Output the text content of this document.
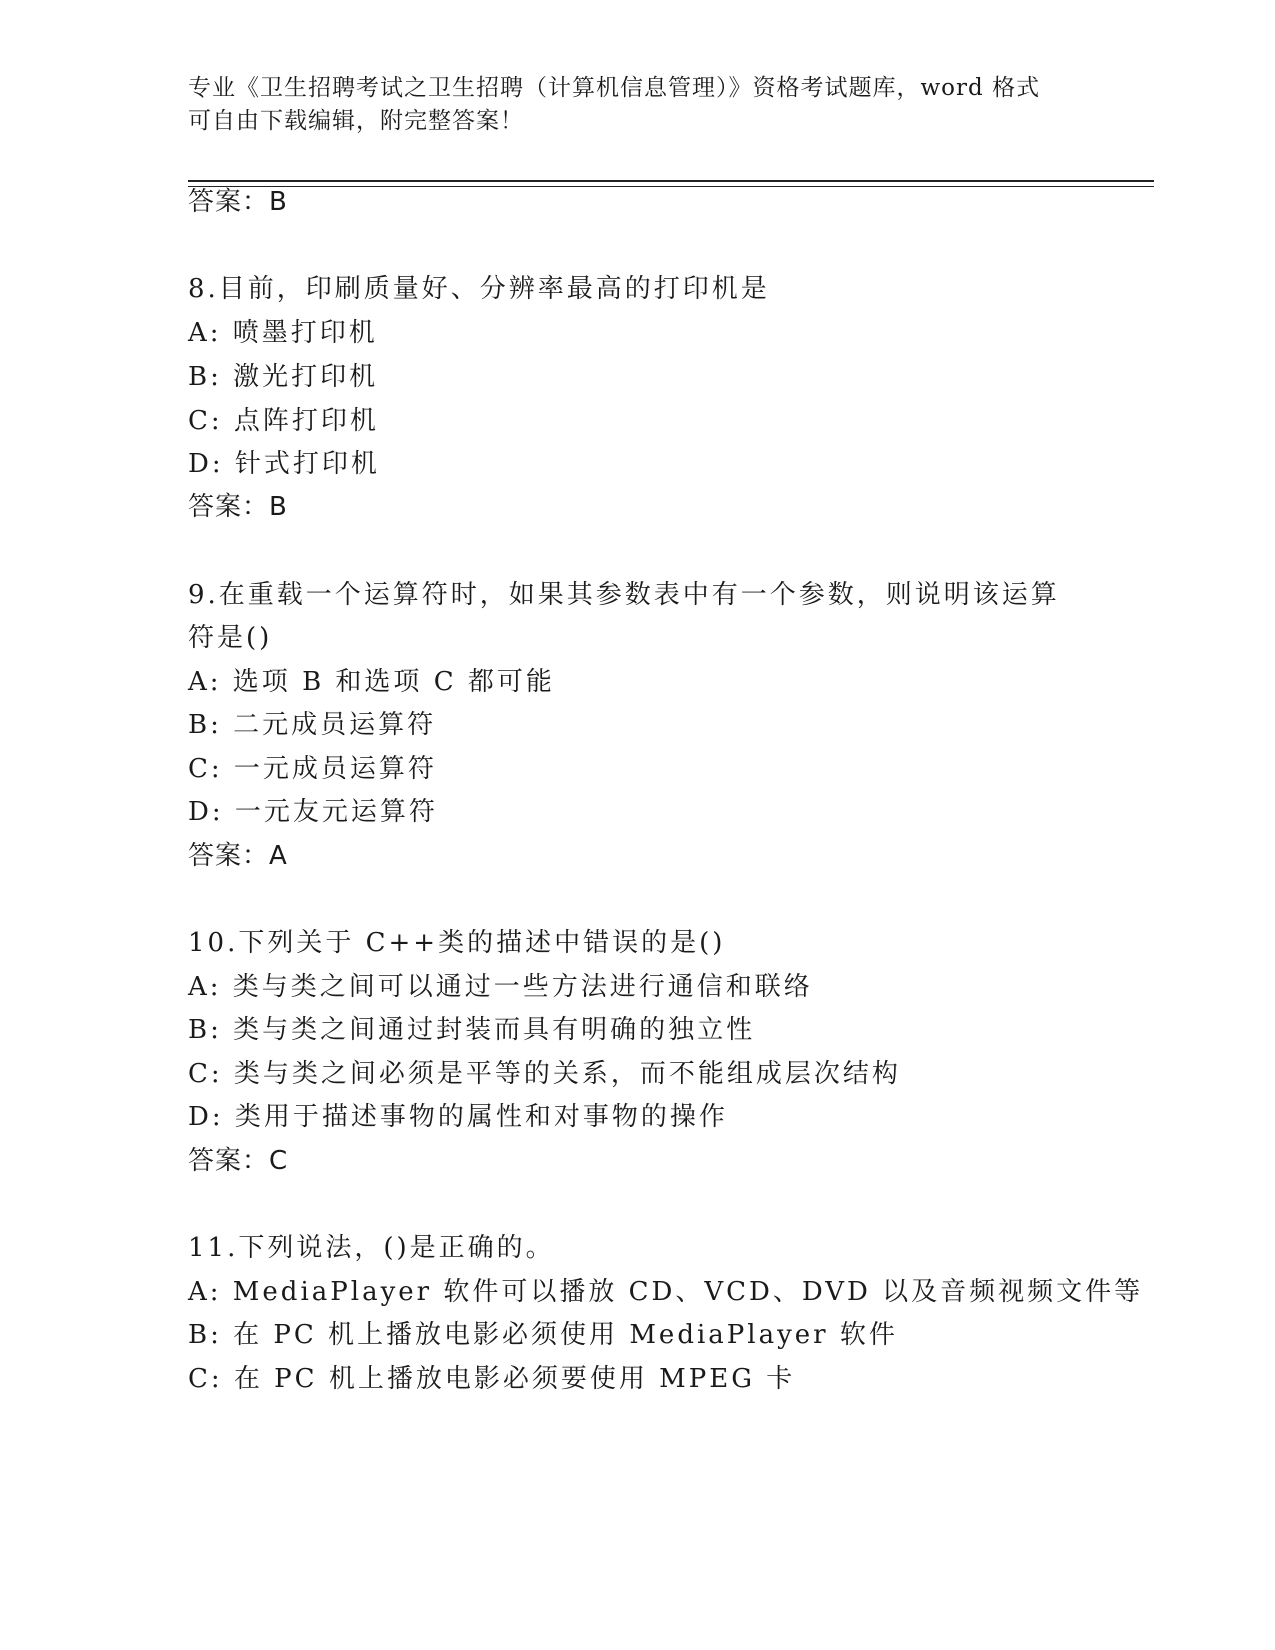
专业《卫生招聘考试之卫生招聘（计算机信息管理）》资格考试题库，word 格式
可自由下载编辑，附完整答案！
答案：B
8.目前，印刷质量好、分辨率最高的打印机是
A: 喷墨打印机
B: 激光打印机
C: 点阵打印机
D: 针式打印机
答案：B
9.在重载一个运算符时，如果其参数表中有一个参数，则说明该运算
符是()
A: 选项 B 和选项 C 都可能
B: 二元成员运算符
C: 一元成员运算符
D: 一元友元运算符
答案：A
10.下列关于 C++类的描述中错误的是()
A: 类与类之间可以通过一些方法进行通信和联络
B: 类与类之间通过封装而具有明确的独立性
C: 类与类之间必须是平等的关系，而不能组成层次结构
D: 类用于描述事物的属性和对事物的操作
答案：C
11.下列说法，()是正确的。
A: MediaPlayer 软件可以播放 CD、VCD、DVD 以及音频视频文件等
B: 在 PC 机上播放电影必须使用 MediaPlayer 软件
C: 在 PC 机上播放电影必须要使用 MPEG 卡
